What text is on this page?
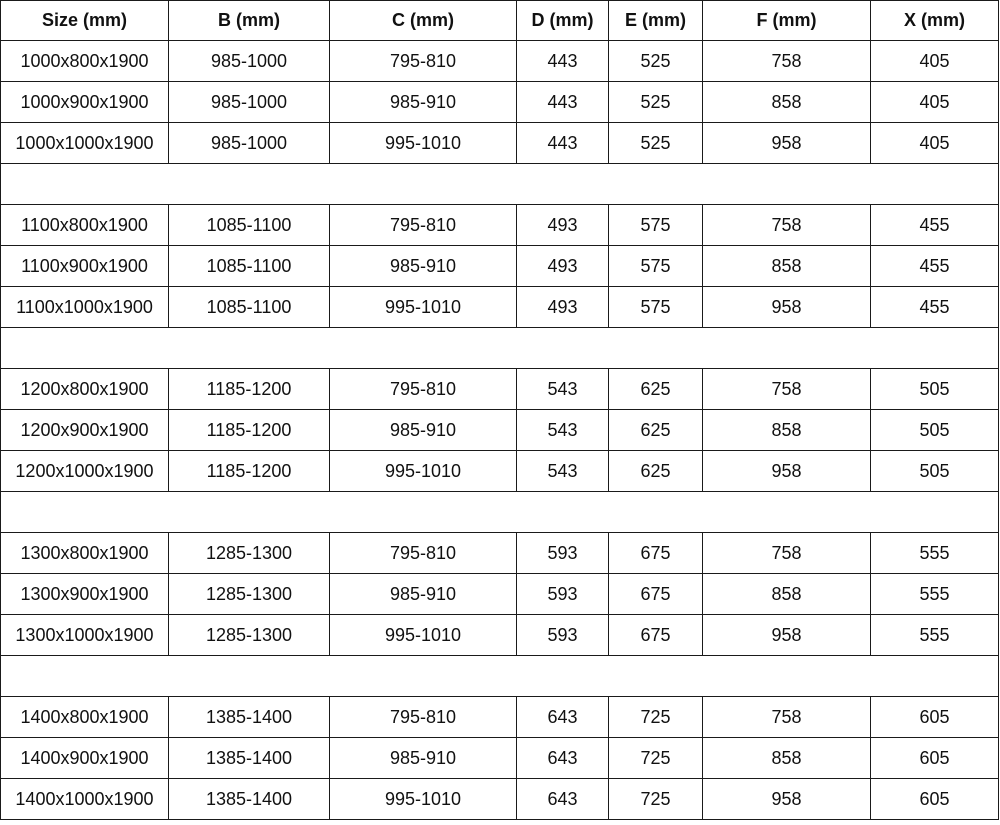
Size (mm)	B (mm)	C (mm)	D (mm)	E (mm)	F (mm)	X (mm)
1000x800x1900	985-1000	795-810	443	525	758	405
1000x900x1900	985-1000	985-910	443	525	858	405
1000x1000x1900	985-1000	995-1010	443	525	958	405

1100x800x1900	1085-1100	795-810	493	575	758	455
1100x900x1900	1085-1100	985-910	493	575	858	455
1100x1000x1900	1085-1100	995-1010	493	575	958	455

1200x800x1900	1185-1200	795-810	543	625	758	505
1200x900x1900	1185-1200	985-910	543	625	858	505
1200x1000x1900	1185-1200	995-1010	543	625	958	505

1300x800x1900	1285-1300	795-810	593	675	758	555
1300x900x1900	1285-1300	985-910	593	675	858	555
1300x1000x1900	1285-1300	995-1010	593	675	958	555

1400x800x1900	1385-1400	795-810	643	725	758	605
1400x900x1900	1385-1400	985-910	643	725	858	605
1400x1000x1900	1385-1400	995-1010	643	725	958	605
